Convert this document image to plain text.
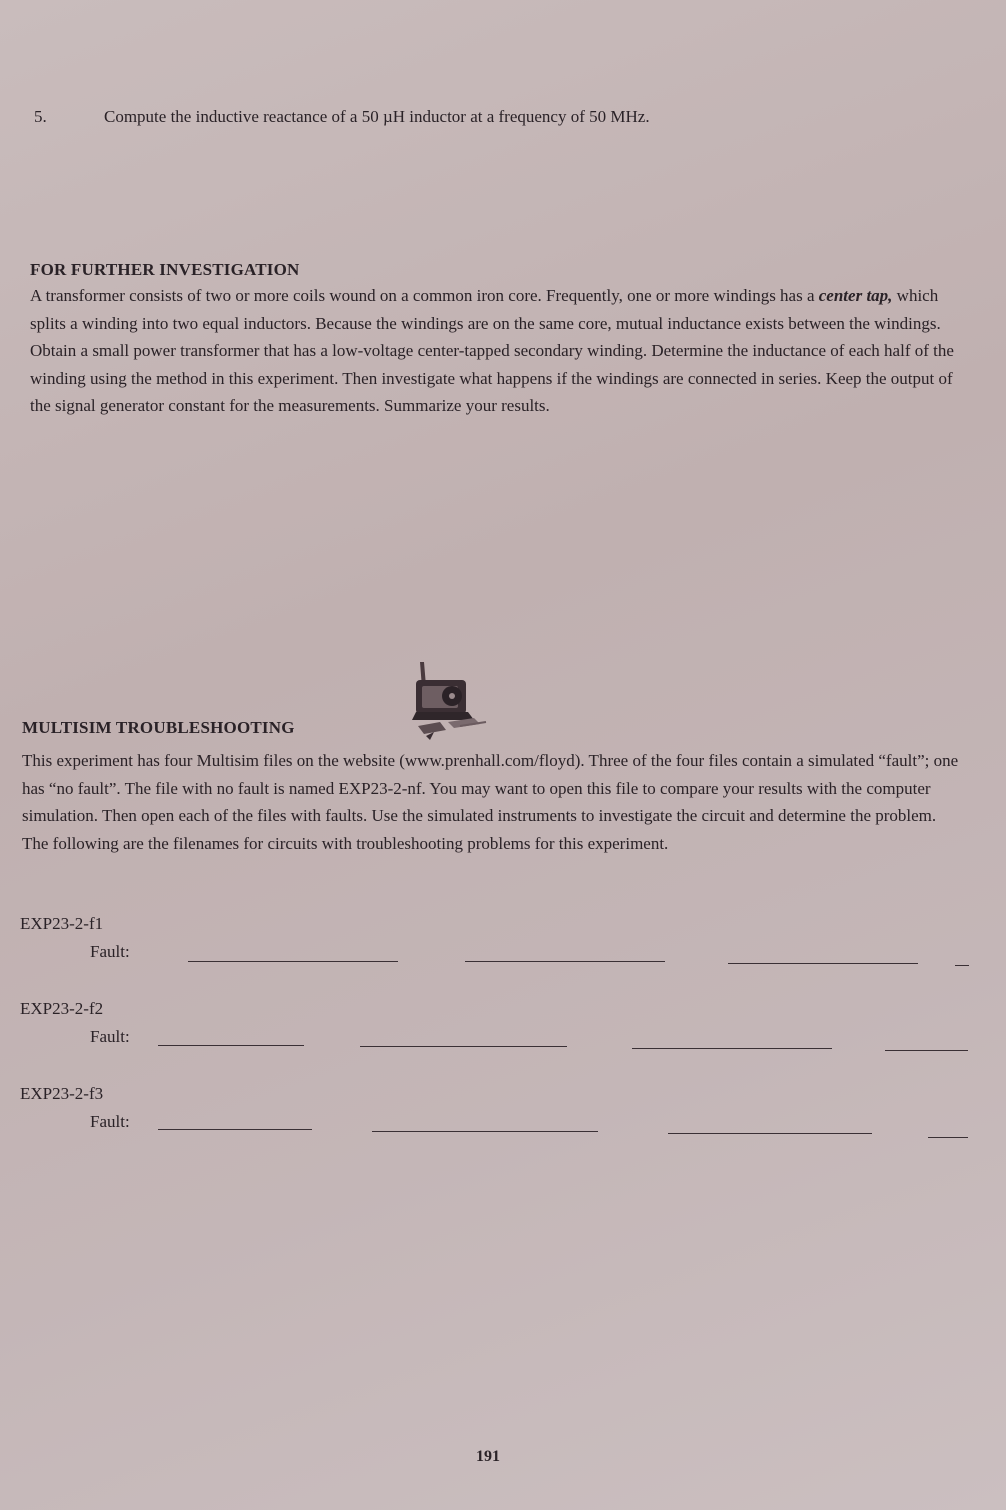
5.	Compute the inductive reactance of a 50 µH inductor at a frequency of 50 MHz.
FOR FURTHER INVESTIGATION

A transformer consists of two or more coils wound on a common iron core. Frequently, one or more windings has a center tap, which splits a winding into two equal inductors. Because the windings are on the same core, mutual inductance exists between the windings. Obtain a small power transformer that has a low-voltage center-tapped secondary winding. Determine the inductance of each half of the winding using the method in this experiment. Then investigate what happens if the windings are connected in series. Keep the output of the signal generator constant for the measurements. Summarize your results.

MULTISIM TROUBLESHOOTING

This experiment has four Multisim files on the website (www.prenhall.com/floyd). Three of the four files contain a simulated “fault”; one has “no fault”. The file with no fault is named EXP23-2-nf. You may want to open this file to compare your results with the computer simulation. Then open each of the files with faults. Use the simulated instruments to investigate the circuit and determine the problem. The following are the filenames for circuits with troubleshooting problems for this experiment.

EXP23-2-f1
Fault:
EXP23-2-f2
Fault:
EXP23-2-f3
Fault:
191
